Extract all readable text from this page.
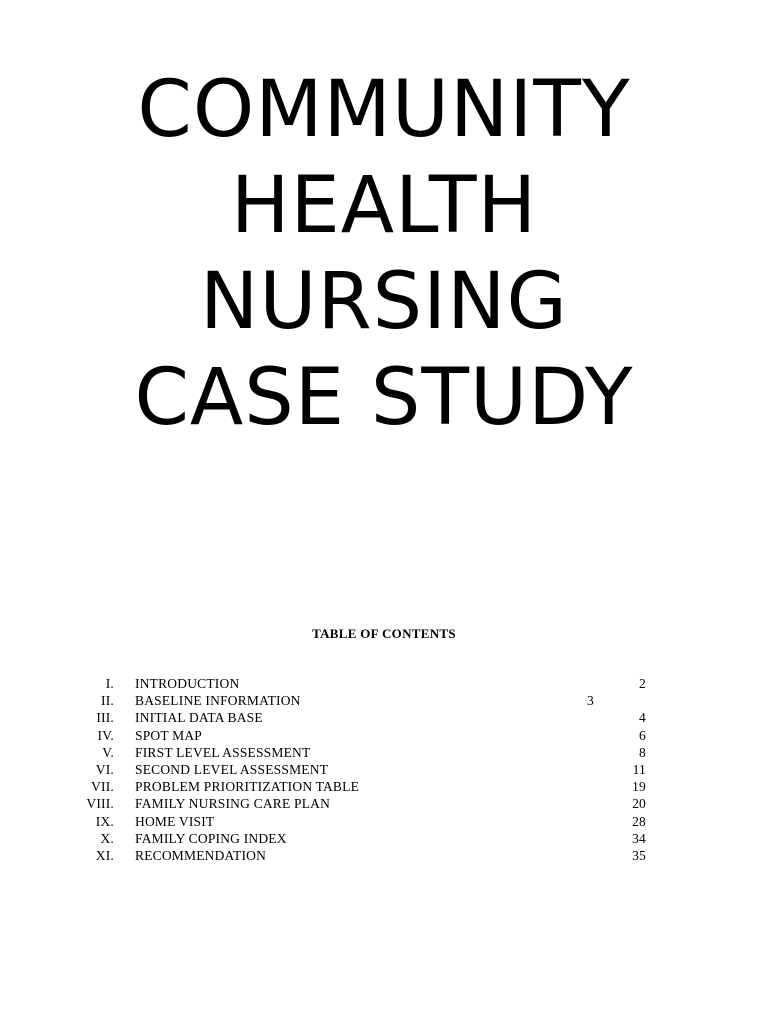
COMMUNITY
HEALTH
NURSING
CASE STUDY
TABLE OF CONTENTS
I. INTRODUCTION	2
II. BASELINE INFORMATION	3
III. INITIAL DATA BASE	4
IV. SPOT MAP	6
V. FIRST LEVEL ASSESSMENT	8
VI. SECOND LEVEL ASSESSMENT	11
VII. PROBLEM PRIORITIZATION TABLE	19
VIII. FAMILY NURSING CARE PLAN	20
IX. HOME VISIT	28
X. FAMILY COPING INDEX	34
XI. RECOMMENDATION	35
